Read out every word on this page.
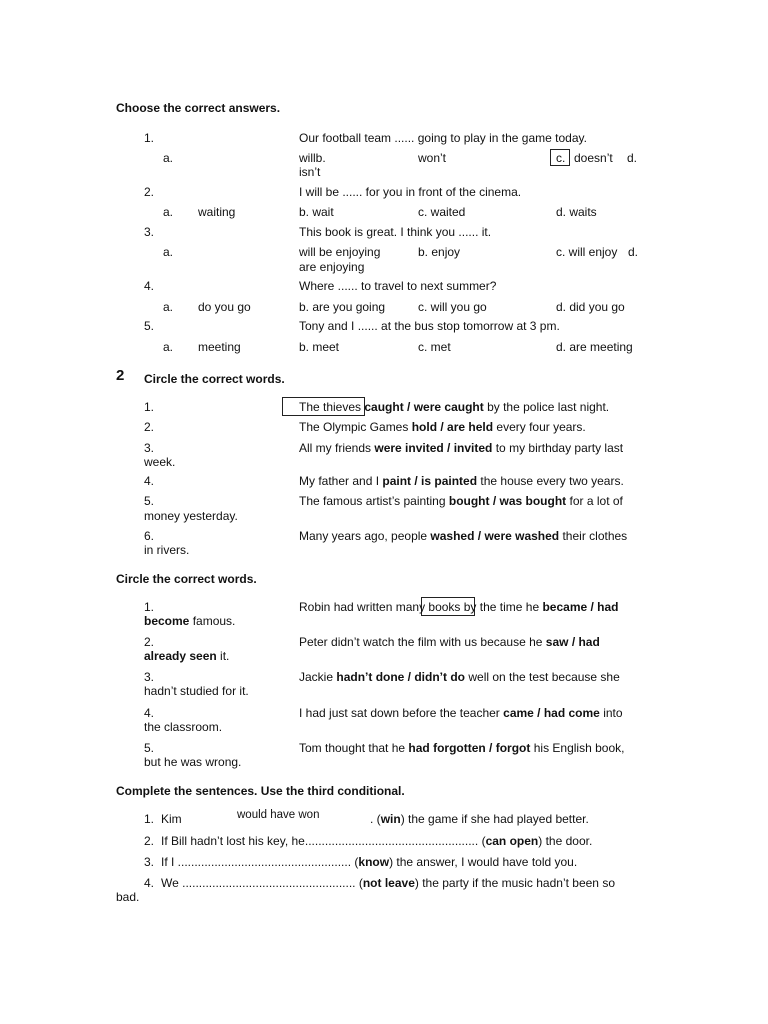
Choose the correct answers.
1.	Our football team ...... going to play in the game today.
a.	willb.	won’t	c. doesn’t d.
isn’t
2.	I will be ...... for you in front of the cinema.
a. waiting	b. wait	c. waited	d. waits
3.	This book is great. I think you ...... it.
a.	will be enjoying	b. enjoy	c. will enjoy d.
are enjoying
4.	Where ...... to travel to next summer?
a. do you go	b. are you going	c. will you go	d. did you go
5.	Tony and I ...... at the bus stop tomorrow at 3 pm.
a. meeting	b. meet	c. met	d. are meeting
2 Circle the correct words.
1.	The thieves caught / were caught by the police last night.
2.	The Olympic Games hold / are held every four years.
3.	All my friends were invited / invited to my birthday party last
week.
4.	My father and I paint / is painted the house every two years.
5.	The famous artist’s painting bought / was bought for a lot of
money yesterday.
6.	Many years ago, people washed / were washed their clothes
in rivers.
Circle the correct words.
1.	Robin had written many books by the time he became / had
become famous.
2.	Peter didn’t watch the film with us because he saw / had
already seen it.
3.	Jackie hadn’t done / didn’t do well on the test because she
hadn’t studied for it.
4.	I had just sat down before the teacher came / had come into
the classroom.
5.	Tom thought that he had forgotten / forgot his English book,
but he was wrong.
Complete the sentences. Use the third conditional.
would have won
1. Kim	. (win) the game if she had played better.
2. If Bill hadn’t lost his key, he.................................................... (can open) the door.
3. If I .................................................... (know) the answer, I would have told you.
4. We .................................................... (not leave) the party if the music hadn’t been so
bad.
